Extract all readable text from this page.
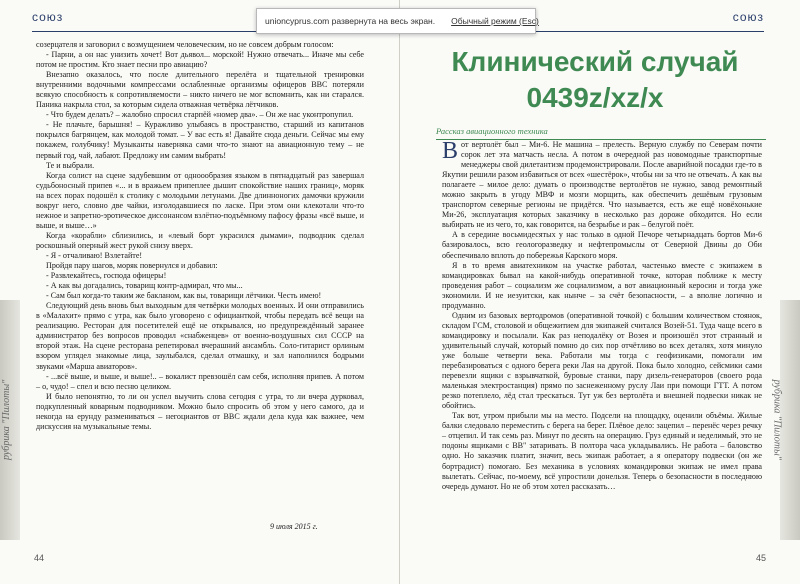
союз
рубрика "Пилоты"

созерцателя и заговорил с возмущением человеческим, но не совсем добрым голосом:

- Парни, а он нас унизить хочет! Вот дьявол... морской! Нужно отвечать... Иначе мы себе потом не простим. Кто знает песни про авиацию?

Внезапно оказалось, что после длительного перелёта и тщательной тренировки внутренними водочными компрессами ослабленные организмы офицеров ВВС потеряли всякую способность к сопротивляемости – никто ничего не мог вспомнить, как ни старался. Паника накрыла стол, за которым сидела отважная четвёрка лётчиков.

- Что будем делать? – жалобно спросил старпёй «номер два». – Он же нас уконтропупил.

- Не плачьте, барышня! – Куражливо улыбаясь в пространство, старший из капитанов покрылся багрянцем, как молодой томат. – У вас есть я! Давайте сюда деньги. Сейчас мы ему покажем, голубчику! Музыканты наверняка сами что-то знают на авиационную тему – не первый год, чай, лабают. Предложу им самим выбрать!

Те и выбрали.

Когда солист на сцене задубевшим от одноообразия языком в пятнадцатый раз завершал судьбоносный припев «... и в вражьем припеплее дышит спокойствие наших границ», моряк на всех порах подошёл к столику с молодыми летунами. Две длинноногих дамочки кружили вокруг него, словно две чайки, изголодавшиеся по ласке. При этом они клекотали что-то нежное и запретно-эротическое диссонансом взлётно-подъёмному пафосу фразы «всё выше, и выше, и выше…»

Когда «корабли» сблизились, и «левый борт украсился дымами», подводник сделал роскошный оперный жест рукой снизу вверх.

- Я - отчаливаю! Взлетайте!

Пройдя пару шагов, моряк повернулся и добавил:

- Развлекайтесь, господа офицеры!

- А как вы догадались, товарищ контр-адмирал, что мы...

- Сам был когда-то таким же бакланом, как вы, товарищи лётчики. Честь имею!

Следующий день вновь был выходным для четвёрки молодых военных. И они отправились в «Малахит» прямо с утра, как было уговорено с официанткой, чтобы передать всё вещи на реализацию. Ресторан для посетителей ещё не открывался, но предупреждённый заранее администратор без вопросов проводил «снабженцев» от военно-воздушных сил СССР на второй этаж. На сцене ресторана репетировал вчерашний ансамбль. Соло-гитарист орлиным взором углядел знакомые лица, заулыбался, сделал отмашку, и зал наполнился бодрыми звуками «Марша авиаторов».

- ...всё выше, и выше, и выше!.. – вокалист превзошёл сам себя, исполняя припев. А потом – о, чудо! – спел и всю песню целиком.

И было непонятно, то ли он успел выучить слова сегодня с утра, то ли вчера дурковал, подкупленный коварным подводником. Можно было спросить об этом у него самого, да и некогда на ерунду размениваться – негоциантов от ВВС ждали дела куда как важнее, чем дискуссия на музыкальные темы.

9 июля 2015 г.
44
союз
рубрика "Пилоты"
Клинический случай 0439z/xz/x
Рассказ авиационного техника

Вот вертолёт был – Ми-6. Не машина – прелесть. Верную службу по Северам почти сорок лет эта матчасть несла. А потом в очередной раз новомодные транспортные менеджеры свой дилетантизм продемонстрировали. После аварийной посадки где-то в Якутии решили разом избавиться от всех «шестёрок», чтобы ни за что не отвечать. А как вы полагаете – милое дело: думать о производстве вертолётов не нужно, завод ремонтный можно закрыть в угоду МВФ и мозги морщить, как обеспечить дешёвым грузовым транспортом северные регионы не придётся. Что называется, есть же ещё новёхонькие Ми-26, эксплуатация которых заказчику в несколько раз дороже обходится. Но если выбирать не из чего, то, как говорится, на безрыбье и рак – белугой поёт.

А в середине восьмидесятых у нас только в одной Печоре четырнадцать бортов Ми-6 базировалось, всю геологоразведку и нефтепромыслы от Северной Двины до Оби обеспечивало вплоть до побережья Карского моря.

Я в то время авиатехником на участке работал, частенько вместе с экипажем в командировках бывал на какой-нибудь оперативной точке, которая поближе к месту проведения работ – социализм же социализмом, а вот авиационный керосин и тогда уже экономили. И не иезуитски, как нынче – за счёт безопасности, – а вполне логично и продуманно.

Одним из базовых вертодромов (оперативной точкой) с большим количеством стоянок, складом ГСМ, столовой и общежитием для экипажей считался Возей-51. Туда чаще всего в командировку и посылали. Как раз неподалёку от Возея и произошёл этот странный и удивительный случай, который помню до сих пор отчётливо во всех деталях, хотя минуло уже больше четверти века. Работали мы тогда с геофизиками, помогали им перебазироваться с одного берега реки Лая на другой. Пока было холодно, сейсмики сами перевезли ящики с взрывчаткой, буровые станки, пару дизель-генераторов (своего рода маленькая электростанция) прямо по заснеженному руслу Лаи при помощи ГТТ. А потом резко потеплело, лёд стал трескаться. Тут уж без вертолёта и внешней подвески никак не обойтись.

Так вот, утром прибыли мы на место. Подсели на площадку, оценили объёмы. Жилые балки следовало переместить с берега на берег. Плёвое дело: зацепил – перенёс через речку – отцепил. И так семь раз. Минут по десять на операцию. Груз единый и неделимый, это не подоны ящиками с ВВ" затаривать. В полтора часа укладывались. Не работа – баловство одно. Но заказчик платит, значит, весь экипаж работает, а я оператору подвески (он же бортрадист) помогаю. Без механика в условиях командировки экипаж не имел права вылетать. Сейчас, по-моему, всё упростили донельзя. Теперь о безопасности в последнюю очередь думают. Но не об этом хотел рассказать…

45
unioncyprus.com развернута на весь экран. Обычный режим (Esc)
